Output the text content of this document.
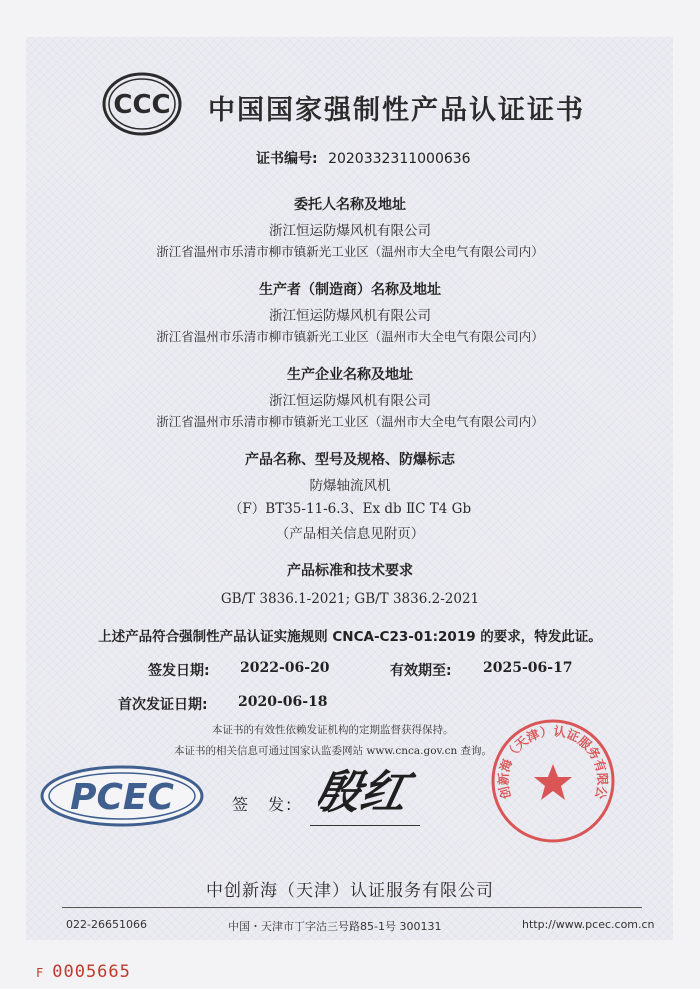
CCC 中国国家强制性产品认证证书
证书编号: 2020332311000636
委托人名称及地址
浙江恒运防爆风机有限公司
浙江省温州市乐清市柳市镇新光工业区（温州市大全电气有限公司内）
生产者（制造商）名称及地址
浙江恒运防爆风机有限公司
浙江省温州市乐清市柳市镇新光工业区（温州市大全电气有限公司内）
生产企业名称及地址
浙江恒运防爆风机有限公司
浙江省温州市乐清市柳市镇新光工业区（温州市大全电气有限公司内）
产品名称、型号及规格、防爆标志
防爆轴流风机
（F）BT35-11-6.3、Ex db ⅡC T4 Gb
（产品相关信息见附页）
产品标准和技术要求
GB/T 3836.1-2021; GB/T 3836.2-2021
上述产品符合强制性产品认证实施规则 CNCA-C23-01:2019 的要求，特发此证。
签发日期: 2022-06-20	有效期至: 2025-06-17
首次发证日期: 2020-06-18
本证书的有效性依赖发证机构的定期监督获得保持。
本证书的相关信息可通过国家认监委网站 www.cnca.gov.cn 查询。
PCEC	签　发: 殷红	创新海（天津）认证服务有限公
中创新海（天津）认证服务有限公司
022-26651066	中国・天津市丁字沽三号路85-1号 300131	http://www.pcec.com.cn
F 0005665
